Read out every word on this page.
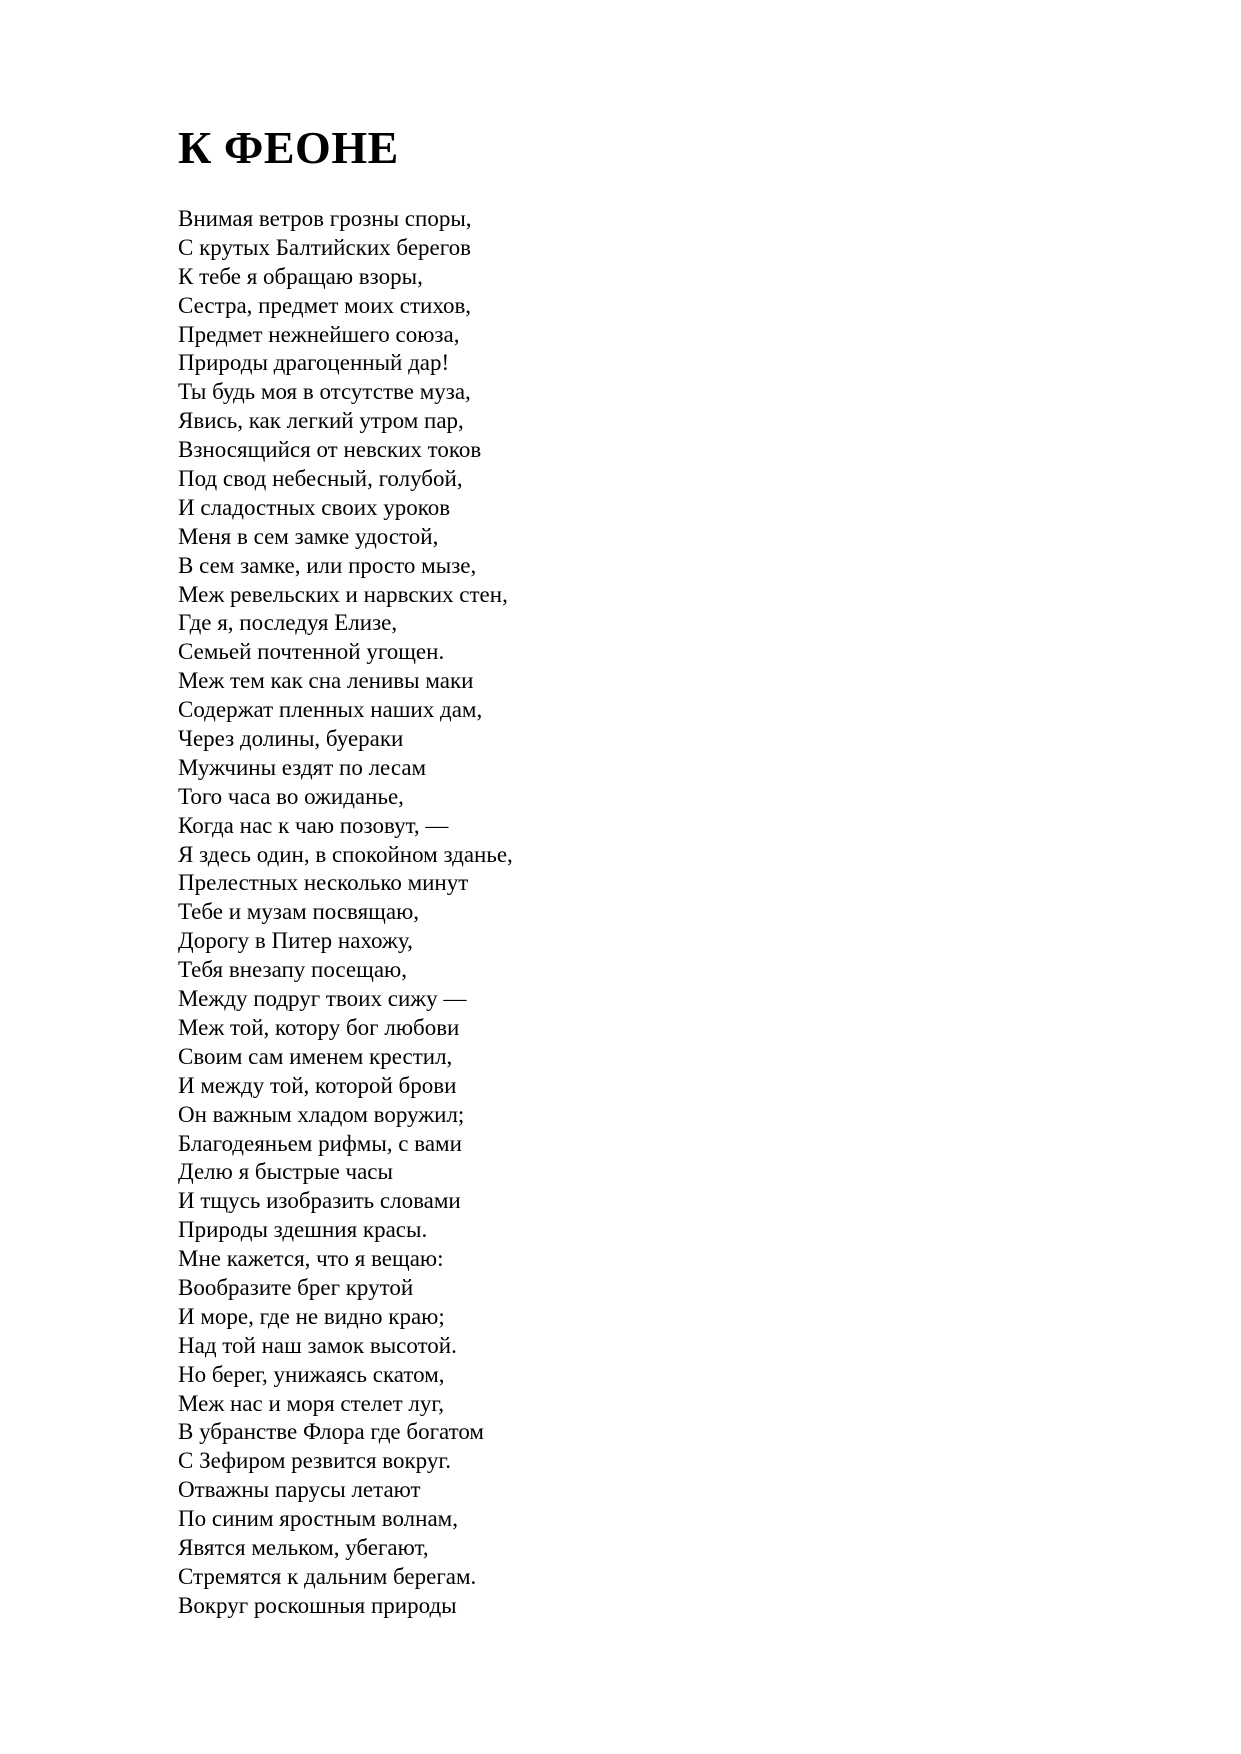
К ФЕОНЕ
Внимая ветров грозны споры,
С крутых Балтийских берегов
К тебе я обращаю взоры,
Сестра, предмет моих стихов,
Предмет нежнейшего союза,
Природы драгоценный дар!
Ты будь моя в отсутстве муза,
Явись, как легкий утром пар,
Взносящийся от невских токов
Под свод небесный, голубой,
И сладостных своих уроков
Меня в сем замке удостой,
В сем замке, или просто мызе,
Меж ревельских и нарвских стен,
Где я, последуя Елизе,
Семьей почтенной угощен.
Меж тем как сна ленивы маки
Содержат пленных наших дам,
Через долины, буераки
Мужчины ездят по лесам
Того часа во ожиданье,
Когда нас к чаю позовут, —
Я здесь один, в спокойном зданье,
Прелестных несколько минут
Тебе и музам посвящаю,
Дорогу в Питер нахожу,
Тебя внезапу посещаю,
Между подруг твоих сижу —
Меж той, котору бог любови
Своим сам именем крестил,
И между той, которой брови
Он важным хладом воружил;
Благодеяньем рифмы, с вами
Делю я быстрые часы
И тщусь изобразить словами
Природы здешния красы.
Мне кажется, что я вещаю:
Вообразите брег крутой
И море, где не видно краю;
Над той наш замок высотой.
Но берег, унижаясь скатом,
Меж нас и моря стелет луг,
В убранстве Флора где богатом
С Зефиром резвится вокруг.
Отважны парусы летают
По синим яростным волнам,
Явятся мельком, убегают,
Стремятся к дальним берегам.
Вокруг роскошныя природы
